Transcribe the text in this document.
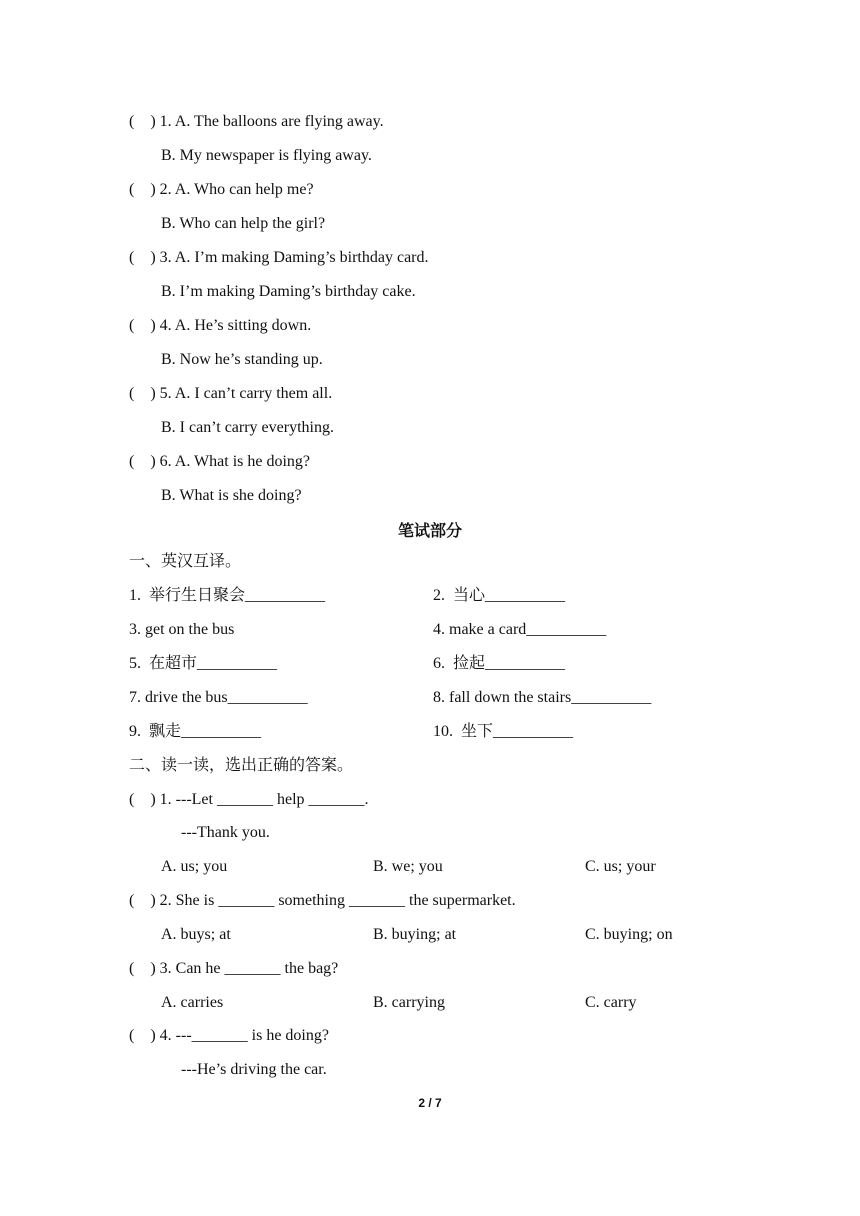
(    ) 1. A. The balloons are flying away.
B. My newspaper is flying away.
(    ) 2. A. Who can help me?
B. Who can help the girl?
(    ) 3. A. I’m making Daming’s birthday card.
B. I’m making Daming’s birthday cake.
(    ) 4. A. He’s sitting down.
B. Now he’s standing up.
(    ) 5. A. I can’t carry them all.
B. I can’t carry everything.
(    ) 6. A. What is he doing?
B. What is she doing?
笔试部分
一、英汉互译。
1.  举行生日聚会__________	2.  当心__________
3. get on the bus	4. make a card__________
5.  在超市__________	6.  捡起__________
7. drive the bus__________	8. fall down the stairs__________
9.  飘走__________	10.  坐下__________
二、读一读，选出正确的答案。
(    ) 1. ---Let _______ help _______.
---Thank you.
A. us; you	B. we; you	C. us; your
(    ) 2. She is _______ something _______ the supermarket.
A. buys; at	B. buying; at	C. buying; on
(    ) 3. Can he _______ the bag?
A. carries	B. carrying	C. carry
(    ) 4. ---_______ is he doing?
---He’s driving the car.
2 / 7
